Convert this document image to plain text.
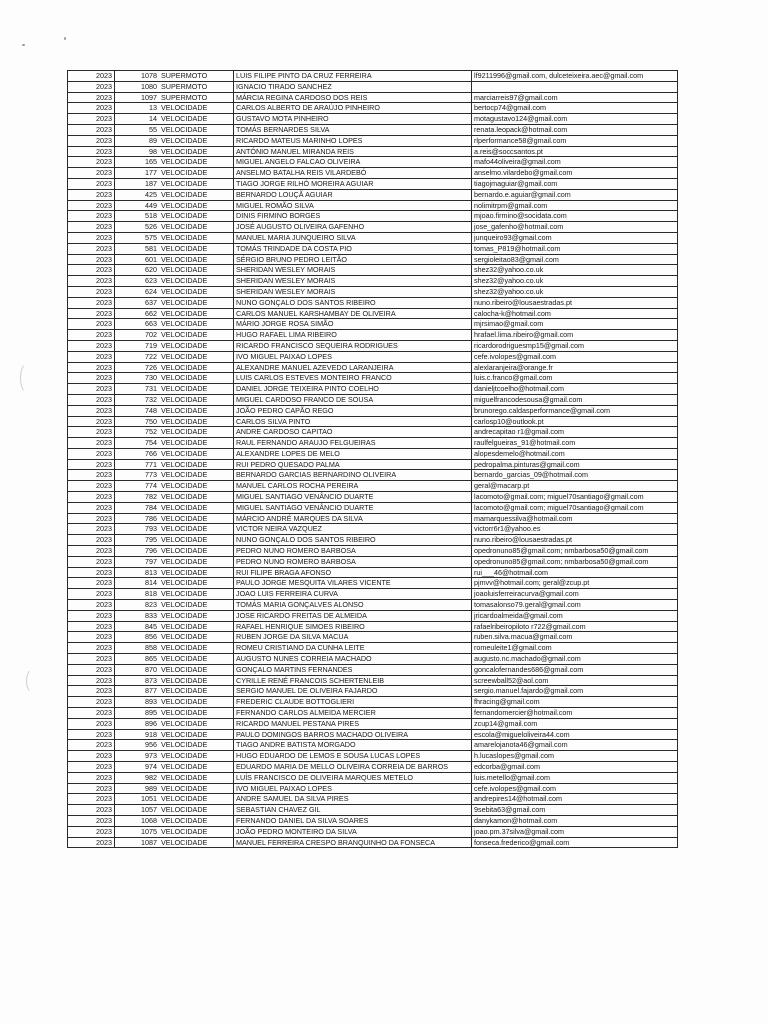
2023	1078	SUPERMOTO	LUIS FILIPE PINTO DA CRUZ FERREIRA	lf9211996@gmail.com, dulceteixeira.aec@gmail.com
2023	1080	SUPERMOTO	IGNACIO TIRADO SANCHEZ	
2023	1097	SUPERMOTO	MÁRCIA REGINA CARDOSO DOS REIS	marciarreis97@gmail.com
2023	13	VELOCIDADE	CARLOS ALBERTO DE ARAÚJO PINHEIRO	bertocp74@gmail.com
2023	14	VELOCIDADE	GUSTAVO MOTA PINHEIRO	motagustavo124@gmail.com
2023	55	VELOCIDADE	TOMÁS BERNARDES SILVA	renata.leopack@hotmail.com
2023	89	VELOCIDADE	RICARDO MATEUS MARINHO LOPES	rlperformance58@gmail.com
2023	98	VELOCIDADE	ANTÓNIO MANUEL MIRANDA REIS	a.reis@soccsantos.pt
2023	165	VELOCIDADE	MIGUEL ANGELO FALCAO OLIVEIRA	mafo44oliveira@gmail.com
2023	177	VELOCIDADE	ANSELMO BATALHA REIS VILARDEBÓ	anselmo.vilardebo@gmail.com
2023	187	VELOCIDADE	TIAGO JORGE RILHÓ MOREIRA AGUIAR	tiagojmaguiar@gmail.com
2023	425	VELOCIDADE	BERNARDO LOUÇÃ AGUIAR	bernardo.e.aguiar@gmail.com
2023	449	VELOCIDADE	MIGUEL ROMÃO SILVA	nolimitrpm@gmail.com
2023	518	VELOCIDADE	DINIS FIRMINO BORGES	mjoao.firmino@socidata.com
2023	526	VELOCIDADE	JOSÉ AUGUSTO OLIVEIRA GAFENHO	jose_gafenho@hotmail.com
2023	575	VELOCIDADE	MANUEL MARIA JUNQUEIRO SILVA	junqueiro93@gmail.com
2023	581	VELOCIDADE	TOMÁS TRINDADE DA COSTA PIO	tomas_P819@hotmail.com
2023	601	VELOCIDADE	SÉRGIO BRUNO PEDRO LEITÃO	sergioleitao83@gmail.com
2023	620	VELOCIDADE	SHERIDAN WESLEY MORAIS	shez32@yahoo.co.uk
2023	623	VELOCIDADE	SHERIDAN WESLEY MORAIS	shez32@yahoo.co.uk
2023	624	VELOCIDADE	SHERIDAN WESLEY MORAIS	shez32@yahoo.co.uk
2023	637	VELOCIDADE	NUNO GONÇALO DOS SANTOS RIBEIRO	nuno.ribeiro@lousaestradas.pt
2023	662	VELOCIDADE	CARLOS MANUEL KARSHAMBAY DE OLIVEIRA	calocha-k@hotmail.com
2023	663	VELOCIDADE	MÁRIO JORGE ROSA SIMÃO	mjrsimao@gmail.com
2023	702	VELOCIDADE	HUGO RAFAEL LIMA RIBEIRO	hrafael.lima.ribeiro@gmail.com
2023	719	VELOCIDADE	RICARDO FRANCISCO SEQUEIRA RODRIGUES	ricardorodriguesmp15@gmail.com
2023	722	VELOCIDADE	IVO MIGUEL PAIXAO LOPES	cefe.ivolopes@gmail.com
2023	726	VELOCIDADE	ALEXANDRE MANUEL AZEVEDO LARANJEIRA	alexlaranjeira@orange.fr
2023	730	VELOCIDADE	LUIS CARLOS ESTEVES MONTEIRO FRANCO	luis.c.franco@gmail.com
2023	731	VELOCIDADE	DANIEL JORGE TEIXEIRA PINTO COELHO	danieljtcoelho@hotmail.com
2023	732	VELOCIDADE	MIGUEL CARDOSO FRANCO DE SOUSA	miguelfrancodesousa@gmail.com
2023	748	VELOCIDADE	JOÃO PEDRO CAPÃO REGO	brunorego.caldasperformance@gmail.com
2023	750	VELOCIDADE	CARLOS SILVA PINTO	carlosp10@outlook.pt
2023	752	VELOCIDADE	ANDRE CARDOSO CAPITAO	andrecapitao r1@gmail.com
2023	754	VELOCIDADE	RAUL FERNANDO ARAUJO FELGUEIRAS	raulfelgueiras_91@hotmail.com
2023	766	VELOCIDADE	ALEXANDRE LOPES DE MELO	alopesdemelo@hotmail.com
2023	771	VELOCIDADE	RUI PEDRO QUESADO PALMA	pedropalma.pinturas@gmail.com
2023	773	VELOCIDADE	BERNARDO GARCIAS BERNARDINO OLIVEIRA	bernardo_garcias_09@hotmail.com
2023	774	VELOCIDADE	MANUEL CARLOS ROCHA PEREIRA	geral@macarp.pt
2023	782	VELOCIDADE	MIGUEL SANTIAGO VENÂNCIO DUARTE	lacomoto@gmail.com; miguel70santiago@gmail.com
2023	784	VELOCIDADE	MIGUEL SANTIAGO VENÂNCIO DUARTE	lacomoto@gmail.com; miguel70santiago@gmail.com
2023	786	VELOCIDADE	MÁRCIO ANDRÉ MARQUES DA SILVA	mamarquessilva@hotmail.com
2023	793	VELOCIDADE	VICTOR NEIRA VAZQUEZ	victorr6r1@yahoo.es
2023	795	VELOCIDADE	NUNO GONÇALO DOS SANTOS RIBEIRO	nuno.ribeiro@lousaestradas.pt
2023	796	VELOCIDADE	PEDRO NUNO ROMERO BARBOSA	opedronuno85@gmail.com; nmbarbosa50@gmail.com
2023	797	VELOCIDADE	PEDRO NUNO ROMERO BARBOSA	opedronuno85@gmail.com; nmbarbosa50@gmail.com
2023	813	VELOCIDADE	RUI FILIPE BRAGA AFONSO	rui___46@hotmail.com
2023	814	VELOCIDADE	PAULO JORGE MESQUITA VILARES VICENTE	pjmvv@hotmail.com; geral@zcup.pt
2023	818	VELOCIDADE	JOAO LUIS FERREIRA CURVA	joaoluisferreiracurva@gmail.com
2023	823	VELOCIDADE	TOMÁS MARIA GONÇALVES ALONSO	tomasalonso79.geral@gmail.com
2023	833	VELOCIDADE	JOSE RICARDO FREITAS DE ALMEIDA	jricardoalmeida@gmail.com
2023	845	VELOCIDADE	RAFAEL HENRIQUE SIMOES RIBEIRO	rafaelribeiropiloto r722@gmail.com
2023	856	VELOCIDADE	RUBEN JORGE DA SILVA MACUA	ruben.silva.macua@gmail.com
2023	858	VELOCIDADE	ROMEU CRISTIANO DA CUNHA LEITE	romeuleite1@gmail.com
2023	865	VELOCIDADE	AUGUSTO NUNES CORREIA MACHADO	augusto.nc.machado@gmail.com
2023	870	VELOCIDADE	GONÇALO MARTINS FERNANDES	goncalofernandes686@gmail.com
2023	873	VELOCIDADE	CYRILLE RENÉ FRANCOIS SCHERTENLEIB	screewball52@aol.com
2023	877	VELOCIDADE	SERGIO MANUEL DE OLIVEIRA FAJARDO	sergio.manuel.fajardo@gmail.com
2023	893	VELOCIDADE	FREDERIC CLAUDE BOTTOGLIERI	fhracing@gmail.com
2023	895	VELOCIDADE	FERNANDO CARLOS ALMEIDA MERCIER	fernandomercier@hotmail.com
2023	896	VELOCIDADE	RICARDO MANUEL PESTANA PIRES	zcup14@gmail.com
2023	918	VELOCIDADE	PAULO DOMINGOS BARROS MACHADO OLIVEIRA	escola@migueloliveira44.com
2023	956	VELOCIDADE	TIAGO ANDRE BATISTA MORGADO	amarelojanota46@gmail.com
2023	973	VELOCIDADE	HUGO EDUARDO DE LEMOS E SOUSA LUCAS LOPES	h.lucaslopes@gmail.com
2023	974	VELOCIDADE	EDUARDO MARIA DE MELLO OLIVEIRA CORREIA DE BARROS	edcorba@gmail.com
2023	982	VELOCIDADE	LUÍS FRANCISCO DE OLIVEIRA MARQUES METELO	luis.metello@gmail.com
2023	989	VELOCIDADE	IVO MIGUEL PAIXAO LOPES	cefe.ivolopes@gmail.com
2023	1051	VELOCIDADE	ANDRE SAMUEL DA SILVA PIRES	andrepires14@hotmail.com
2023	1057	VELOCIDADE	SEBASTIAN CHAVEZ GIL	9sebita63@gmail.com
2023	1068	VELOCIDADE	FERNANDO DANIEL DA SILVA SOARES	danykamon@hotmail.com
2023	1075	VELOCIDADE	JOÃO PEDRO MONTEIRO DA SILVA	joao.pm.37silva@gmail.com
2023	1087	VELOCIDADE	MANUEL FERREIRA CRESPO BRANQUINHO DA FONSECA	fonseca.frederico@gmail.com
